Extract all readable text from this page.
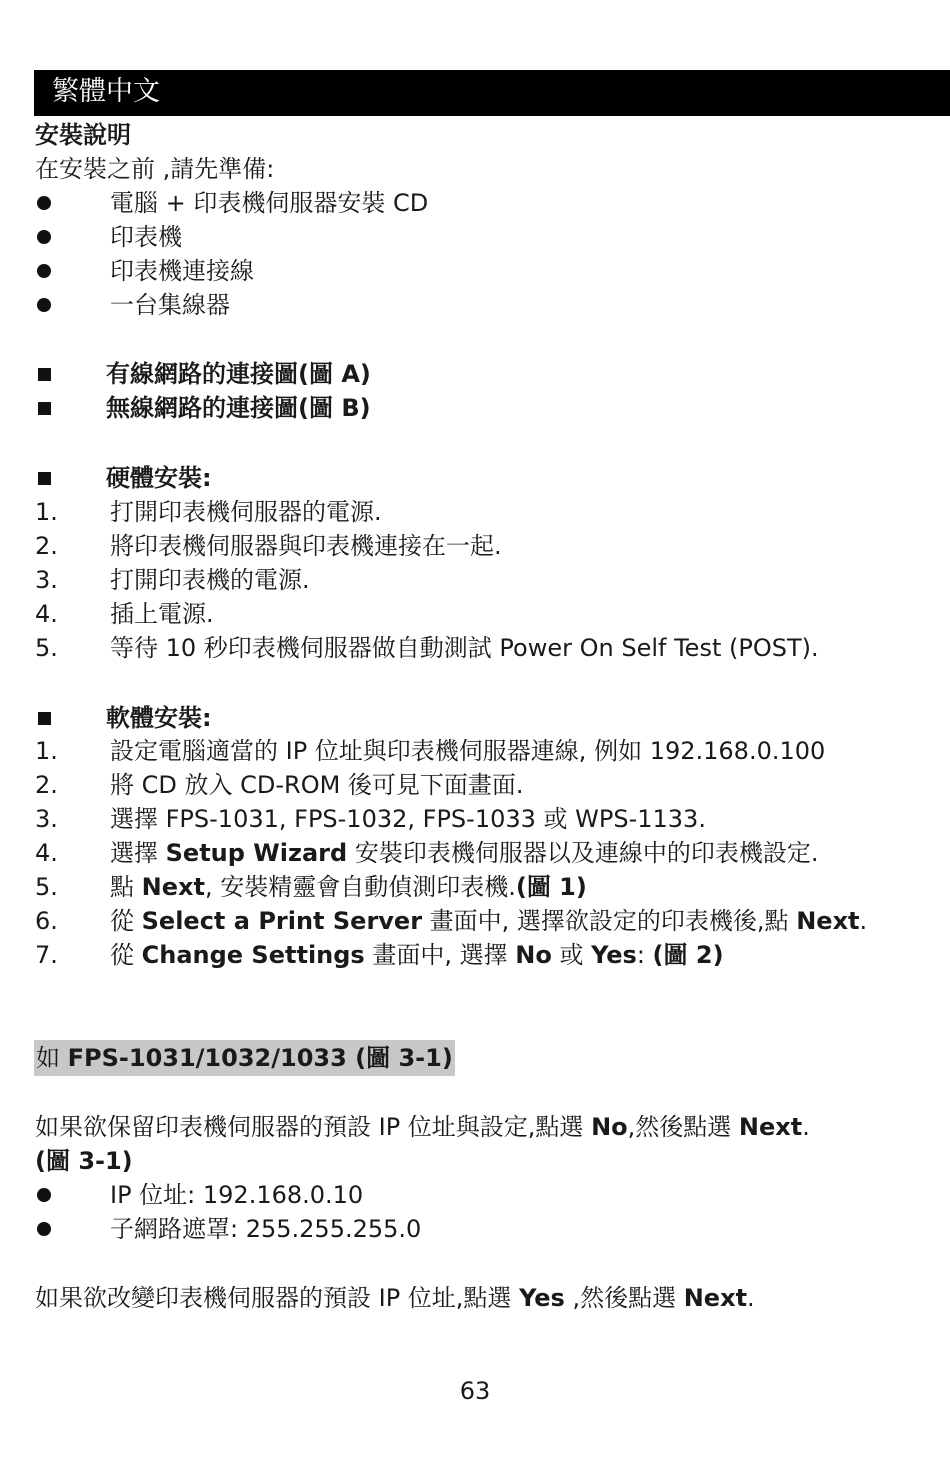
繁體中文
安裝說明
在安裝之前 ,請先準備:
電腦 + 印表機伺服器安裝 CD
印表機
印表機連接線
一台集線器
有線網路的連接圖(圖 A)
無線網路的連接圖(圖 B)
硬體安裝:
1. 打開印表機伺服器的電源.
2. 將印表機伺服器與印表機連接在一起.
3. 打開印表機的電源.
4. 插上電源.
5. 等待 10 秒印表機伺服器做自動測試 Power On Self Test (POST).
軟體安裝:
1. 設定電腦適當的 IP 位址與印表機伺服器連線, 例如 192.168.0.100
2. 將 CD 放入 CD-ROM 後可見下面畫面.
3. 選擇 FPS-1031, FPS-1032, FPS-1033 或 WPS-1133.
4. 選擇 Setup Wizard 安裝印表機伺服器以及連線中的印表機設定.
5. 點 Next, 安裝精靈會自動偵測印表機.(圖 1)
6. 從 Select a Print Server 畫面中, 選擇欲設定的印表機後,點 Next.
7. 從 Change Settings 畫面中, 選擇 No 或 Yes: (圖 2)
如 FPS-1031/1032/1033 (圖 3-1)
如果欲保留印表機伺服器的預設 IP 位址與設定,點選 No,然後點選 Next.
(圖 3-1)
IP 位址: 192.168.0.10
子網路遮罩: 255.255.255.0
如果欲改變印表機伺服器的預設 IP 位址,點選 Yes ,然後點選 Next.
63
